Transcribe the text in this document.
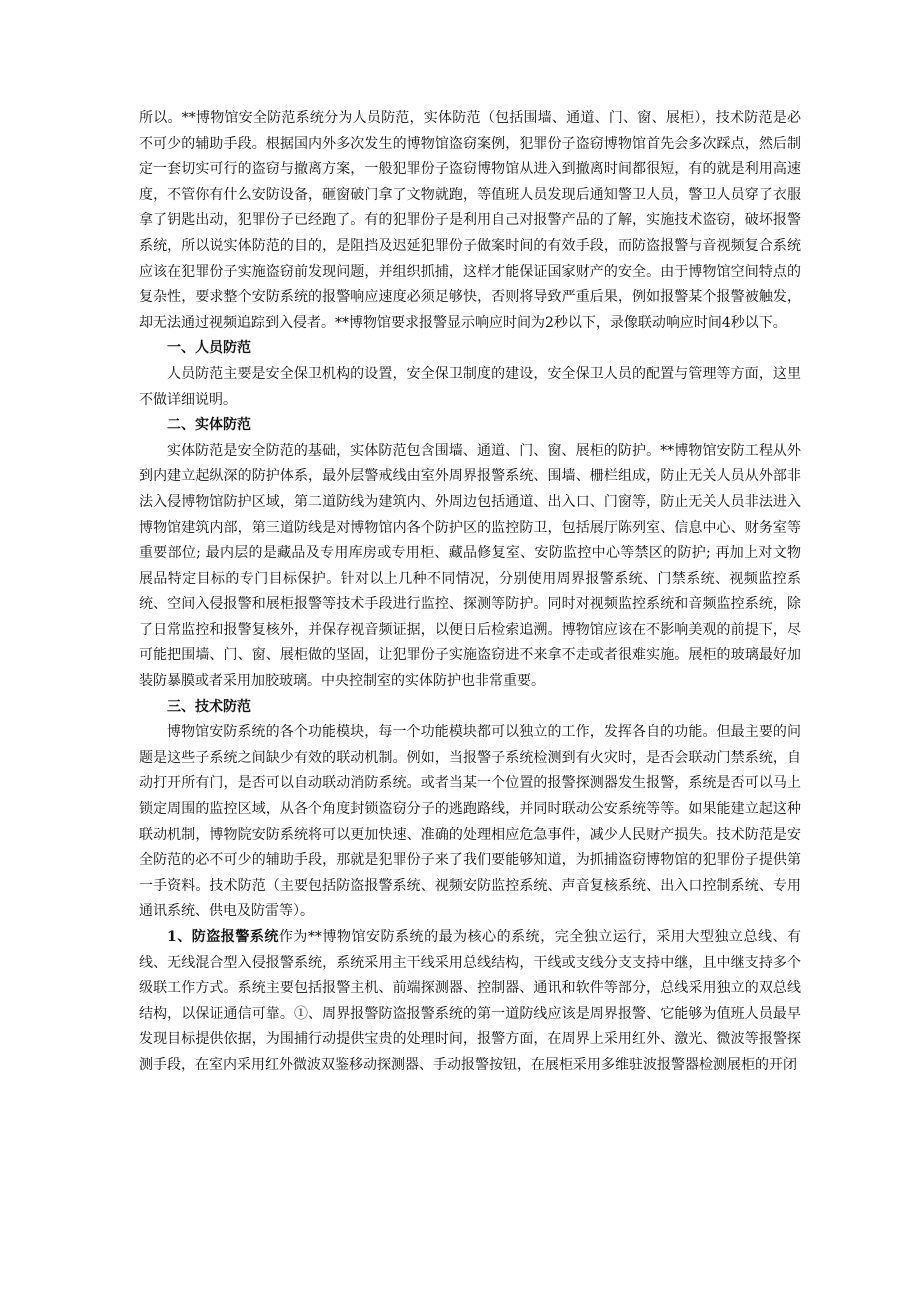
所以。**博物馆安全防范系统分为人员防范，实体防范（包括围墙、通道、门、窗、展柜），技术防范是必不可少的辅助手段。根据国内外多次发生的博物馆盗窃案例，犯罪份子盗窃博物馆首先会多次踩点，然后制定一套切实可行的盗窃与撤离方案，一般犯罪份子盗窃博物馆从进入到撤离时间都很短，有的就是利用高速度，不管你有什么安防设备，砸窗破门拿了文物就跑，等值班人员发现后通知警卫人员，警卫人员穿了衣服拿了钥匙出动，犯罪份子已经跑了。有的犯罪份子是利用自己对报警产品的了解，实施技术盗窃，破坏报警系统，所以说实体防范的目的，是阻挡及迟延犯罪份子做案时间的有效手段，而防盗报警与音视频复合系统应该在犯罪份子实施盗窃前发现问题，并组织抓捕，这样才能保证国家财产的安全。由于博物馆空间特点的复杂性，要求整个安防系统的报警响应速度必须足够快，否则将导致严重后果，例如报警某个报警被触发，却无法通过视频追踪到入侵者。**博物馆要求报警显示响应时间为2秒以下，录像联动响应时间4秒以下。

一、人员防范

人员防范主要是安全保卫机构的设置，安全保卫制度的建设，安全保卫人员的配置与管理等方面，这里不做详细说明。

二、实体防范

实体防范是安全防范的基础，实体防范包含围墙、通道、门、窗、展柜的防护。**博物馆安防工程从外到内建立起纵深的防护体系，最外层警戒线由室外周界报警系统、围墙、栅栏组成，防止无关人员从外部非法入侵博物馆防护区域，第二道防线为建筑内、外周边包括通道、出入口、门窗等，防止无关人员非法进入博物馆建筑内部，第三道防线是对博物馆内各个防护区的监控防卫，包括展厅陈列室、信息中心、财务室等重要部位; 最内层的是藏品及专用库房或专用柜、藏品修复室、安防监控中心等禁区的防护; 再加上对文物展品特定目标的专门目标保护。针对以上几种不同情况，分别使用周界报警系统、门禁系统、视频监控系统、空间入侵报警和展柜报警等技术手段进行监控、探测等防护。同时对视频监控系统和音频监控系统，除了日常监控和报警复核外，并保存视音频证据，以便日后检索追溯。博物馆应该在不影响美观的前提下，尽可能把围墙、门、窗、展柜做的坚固，让犯罪份子实施盗窃进不来拿不走或者很难实施。展柜的玻璃最好加装防暴膜或者采用加胶玻璃。中央控制室的实体防护也非常重要。

三、技术防范

博物馆安防系统的各个功能模块，每一个功能模块都可以独立的工作，发挥各自的功能。但最主要的问题是这些子系统之间缺少有效的联动机制。例如，当报警子系统检测到有火灾时，是否会联动门禁系统，自动打开所有门，是否可以自动联动消防系统。或者当某一个位置的报警探测器发生报警，系统是否可以马上锁定周围的监控区域，从各个角度封锁盗窃分子的逃跑路线，并同时联动公安系统等等。如果能建立起这种联动机制，博物院安防系统将可以更加快速、准确的处理相应危急事件，减少人民财产损失。技术防范是安全防范的必不可少的辅助手段，那就是犯罪份子来了我们要能够知道，为抓捕盗窃博物馆的犯罪份子提供第一手资料。技术防范（主要包括防盗报警系统、视频安防监控系统、声音复核系统、出入口控制系统、专用通讯系统、供电及防雷等）。

1、防盗报警系统作为**博物馆安防系统的最为核心的系统，完全独立运行，采用大型独立总线、有线、无线混合型入侵报警系统，系统采用主干线采用总线结构，干线或支线分支支持中继，且中继支持多个级联工作方式。系统主要包括报警主机、前端探测器、控制器、通讯和软件等部分，总线采用独立的双总线结构，以保证通信可靠。①、周界报警防盗报警系统的第一道防线应该是周界报警、它能够为值班人员最早发现目标提供依据，为围捕行动提供宝贵的处理时间，报警方面，在周界上采用红外、激光、微波等报警探测手段，在室内采用红外微波双鉴移动探测器、手动报警按钮，在展柜采用多维驻波报警器检测展柜的开闭
